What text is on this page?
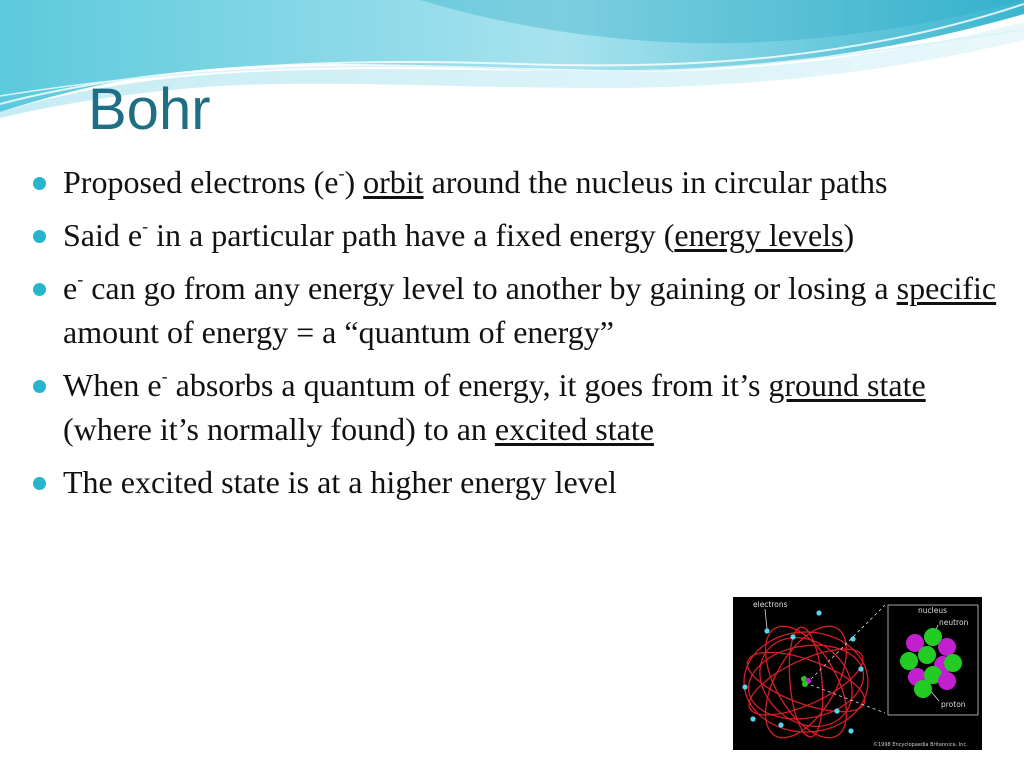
Bohr
Proposed electrons (e-) orbit around the nucleus in circular paths
Said e- in a particular path have a fixed energy (energy levels)
e- can go from any energy level to another by gaining or losing a specific amount of energy = a “quantum of energy”
When e- absorbs a quantum of energy, it goes from it’s ground state (where it’s normally found) to an excited state
The excited state is at a higher energy level
electrons
nucleus
neutron
proton
©1998 Encyclopaedia Britannica, Inc.
